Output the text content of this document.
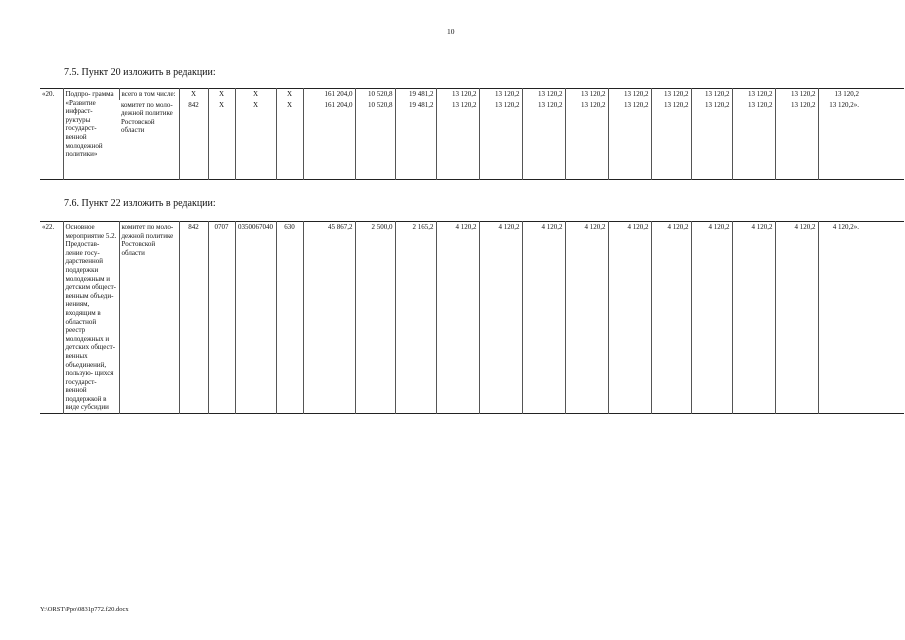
10
7.5. Пункт 20 изложить в редакции:
«20.	Подпро- грамма «Развитие инфраст- руктуры государст- венной молодежной политики»	всего в том числе:	Х	Х	Х	Х	161 204,0	10 520,8	19 481,2	13 120,2	13 120,2	13 120,2	13 120,2	13 120,2	13 120,2	13 120,2	13 120,2	13 120,2	13 120,2
		комитет по моло- дежной политике Ростовской области	842	Х	Х	Х	161 204,0	10 520,8	19 481,2	13 120,2	13 120,2	13 120,2	13 120,2	13 120,2	13 120,2	13 120,2	13 120,2	13 120,2	13 120,2».
7.6. Пункт 22 изложить в редакции:
«22.	Основное мероприятие 5.2. Предостав- ление госу- дарственной поддержки молодежным и детским общест- венным объеди- нениям, входящим в областной реестр молодежных и детских общест- венных объединений, пользую- щихся государст- венной поддержкой в виде субсидии	комитет по моло- дежной политике Ростовской области	842	0707	0350067040	630	45 867,2	2 500,0	2 165,2	4 120,2	4 120,2	4 120,2	4 120,2	4 120,2	4 120,2	4 120,2	4 120,2	4 120,2	4 120,2».
Y:\ORST\Ppo\0831p772.f20.docx
